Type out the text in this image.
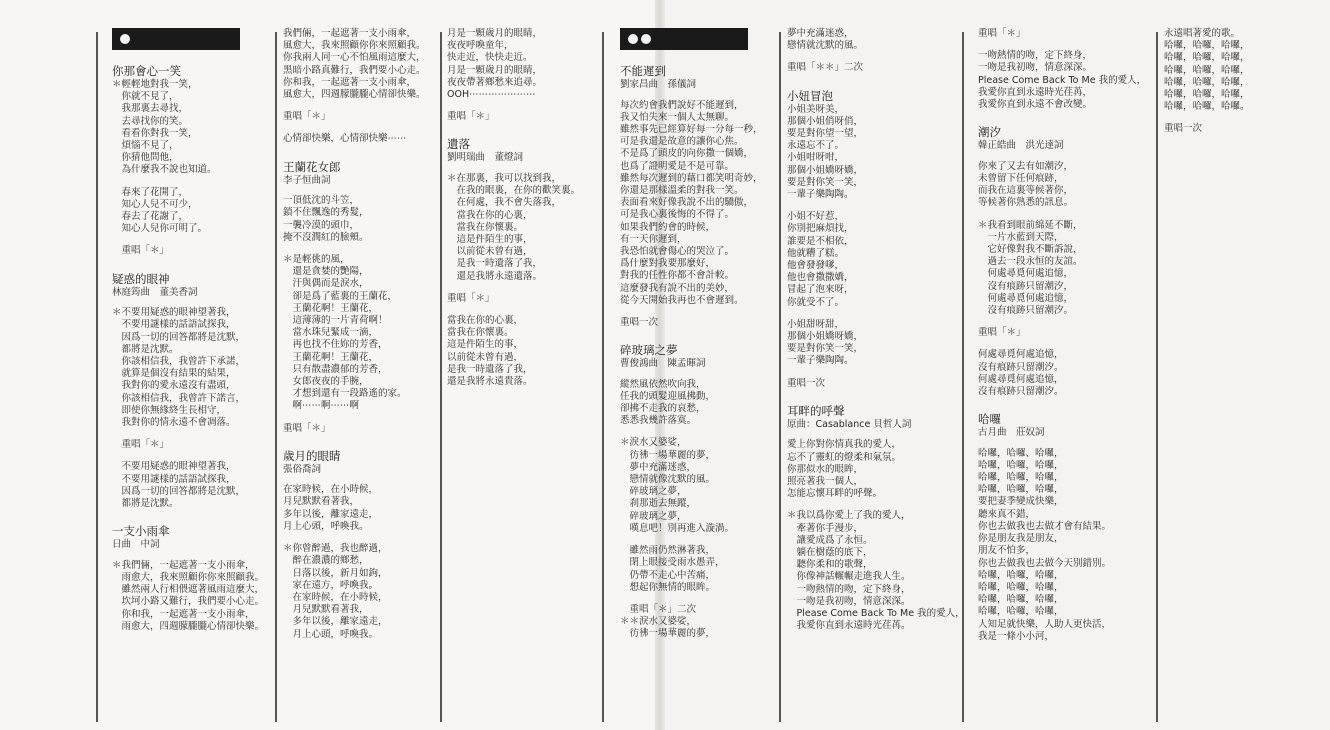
你那會心一笑
＊輕輕地對我一笑，
　你就不見了，
　我那裏去尋找，
　去尋找你的笑。
　看看你對我一笑，
　煩惱不見了，
　你猜他問他，
　為什麼我不說也知道。
　春來了花開了，
　知心人兒不可少，
　春去了花謝了，
　知心人兒你可明了。
　重唱「＊」
疑惑的眼神
林庭筠曲　董美香詞
＊不要用疑惑的眼神望著我，
　不要用謎樣的話語試探我，
　因爲一切的回答都將是沈默，
　都將是沈默。
　你該相信我，我曾許下承諾，
　就算是個沒有結果的結果，
　我對你的愛永遠沒有盡頭，
　你該相信我，我曾許下諾言，
　即使你無緣終生長相守，
　我對你的情永遠不會凋落。
　重唱「＊」
　不要用疑惑的眼神望著我，
　不要用謎樣的話語試探我，
　因爲一切的回答都將是沈默，
　都將是沈默。
一支小雨傘
日曲　中詞
＊我們倆，一起遮著一支小雨傘，
　雨愈大，我來照顧你你來照顧我。
　雖然兩人行相偎遮著風雨這麼大，
　坎坷小路又難行，我們要小心走。
　你和我，一起遮著一支小雨傘，
　雨愈大，四週朦朧朧心情卻快樂。
我們倆，一起遮著一支小雨傘，
風愈大，我來照顧你你來照顧我。
你我兩人同一心不怕風雨這麼大，
黑暗小路真難行，我們要小心走。
你和我，一起遮著一支小雨傘，
風愈大，四週朦朧朧心情卻快樂。
重唱「＊」
心情卻快樂，心情卻快樂⋯⋯
王蘭花女郎
李子恒曲詞
一頂低沈的斗笠，
鎖不住飄逸的秀髮，
一襲冷漠的頭巾，
掩不沒潤紅的臉頰。
＊是輕佻的風，
　還是貪婪的艷陽，
　汗與偶而是淚水，
　卻是爲了藍裏的王蘭花，
　王蘭花啊！王蘭花，
　這薄薄的一片青荷啊！
　當水珠兒緊成一滴，
　再也找不住妳的芳香，
　王蘭花啊！王蘭花，
　只有散盡濃郁的芳香，
　女郎夜夜的手腕，
　才想到還有一段路遙的家。
　啊⋯⋯啊⋯⋯啊
重唱「＊」
歲月的眼睛
張俗喬詞
在家時候，在小時候，
月兒默默看著我，
多年以後，離家遠走，
月上心頭，呼喚我。
＊你曾醉過，我也醉過，
　醉在濃濃的鄉愁，
　日落以後，新月如鉤，
　家在遠方，呼喚我。
　在家時候，在小時候，
　月兒默默看著我，
　多年以後，離家遠走，
　月上心頭，呼喚我。
月是一顆歲月的眼睛，
夜夜呼喚童年，
快走近，快快走近。
月是一顆歲月的眼睛，
夜夜帶著鄉愁來追尋。
OOH⋯⋯⋯⋯⋯⋯⋯
重唱「＊」
遺落
劉明瑞曲　董燈詞
＊在那裏，我可以找到我，
　在我的眼裏，在你的歡笑裏。
　在何處，我不會失落我，
　當我在你的心裏，
　當我在你懷裏。
　這是件陌生的事，
　以前從未曾有過，
　是我一時遺落了我，
　還是我將永遠遺落。
重唱「＊」
當我在你的心裏，
當我在你懷裏。
這是件陌生的事，
以前從未曾有過，
是我一時遺落了我，
還是我將永遠貴落。
不能遲到
劉家昌曲　孫儀詞
每次約會我們說好不能遲到，
我又怕失來一個人太無聊。
雖然事先已經算好每一分每一秒，
可是我還是故意的讓你心焦。
不是爲了頭皮的向你撒一個嬌，
也爲了證明愛是不是可靠。
雖然每次遲到的藉口都笑明奇妙，
你還是那樣溫柔的對我一笑。
表面看來好像我說不出的驕傲，
可是我心裏後悔的不得了。
如果我們約會的時候，
有一天你遲到，
我恐怕就會傷心的哭泣了。
爲什麼對我要那麼好，
對我的任性你都不會計較。
這麼發我有說不出的美妙，
從今天開始我再也不會遲到。
重唱一次
碎玻璃之夢
曹俊鴻曲　陳孟暉詞
縱然風依然吹向我，
任我的頭髮迎風拂動，
卻拂不走我的哀愁，
悉悉我幾許落寞。
＊淚水又婆娑，
　彷彿一場華麗的夢，
　夢中充滿迷惑，
　戀情就像沈默的風。
　碎玻璃之夢，
　刹那逝去無蹤，
　碎玻璃之夢，
　嘆息吧！別再進入漩渦。
　雖然雨仍然淋著我，
　閉上眼接受雨水愚弄，
　仍帶不走心中苦痛，
　想起你無情的眼眸。
　重唱「＊」二次
＊＊淚水又婆娑，
　彷彿一場華麗的夢，
夢中充滿迷惑，
戀情就沈默的風。
重唱「＊＊」二次
小妞冒泡
小姐美呀美，
那個小姐俏呀俏，
要是對你望一望，
永遠忘不了。
小姐咁呀咁，
那個小姐嬌呀嬌，
要是對你笑一笑，
一輩子樂陶陶。
小姐不好惹，
你別把麻煩找，
誰要是不相依，
他就糟了糕。
他會發發嗲，
他也會撒撒嬌，
冒起了泡來呀，
你就受不了。
小姐甜呀甜，
那個小姐嬌呀嬌，
要是對你笑一笑，
一輩子樂陶陶。
重唱一次
耳畔的呼聲
原曲：Casablance 貝哲人詞
愛上你對你情真我的愛人，
忘不了靈虹的燈柔和氣氛。
你那似水的眼眸，
照亮著我一個人，
怎能忘懷耳畔的呼聲。
＊我以爲你愛上了我的愛人，
　牽著你手漫步，
　讓愛成爲了永恒。
　躺在樹蔭的底下，
　聽你柔和的歌聲，
　你像神話輾輾走進我人生。
　一吻熱情的吻，定下終身，
　一吻是我初吻，情意深深。
　Please Come Back To Me 我的愛人，
　我愛你直到永遠時光荏苒。
重唱「＊」
一吻熱情的吻，定下終身，
一吻是我初吻，情意深深。
Please Come Back To Me 我的愛人，
我愛你直到永遠時光荏苒，
我愛你直到永遠不會改變。
潮汐
韓正皓曲　洪光達詞
你來了又去有如潮汐，
未曾留下任何痕跡，
而我在這裏等候著你，
等候著你熟悉的訊息。
＊我看到眼前綿延不斷，
　一片水藍到天際，
　它好像對我不斷訴說，
　過去一段永恒的友誼。
　何處尋覓何處追憶，
　沒有痕跡只留潮汐，
　何處尋覓何處追憶，
　沒有痕跡只留潮汐。
重唱「＊」
何處尋覓何處追憶，
沒有痕跡只留潮汐。
何處尋覓何處追憶，
沒有痕跡只留潮汐。
哈囉
古月曲　莊奴詞
哈囉，哈囉、哈囉，
哈囉，哈囉，哈囉，
哈囉，哈囉，哈囉，
哈囉，哈囉，哈囉，
要把妻季變成快樂，
聽來真不錯，
你也去做我也去做才會有結果。
你是朋友我是朋友，
朋友不怕多，
你也去做我也去做今天別錯別。
哈囉，哈囉，哈囉，
哈囉，哈囉，哈囉，
哈囉，哈囉，哈囉，
哈囉，哈囉，哈囉，
人知足就快樂，人助人更快活，
我是一條小小河，
永遠唱著愛的歌。
哈囉，哈囉，哈囉，
哈囉，哈囉，哈囉，
哈囉，哈囉，哈囉，
哈囉，哈囉，哈囉，
哈囉，哈囉，哈囉，
哈囉，哈囉，哈囉。
重唱一次
